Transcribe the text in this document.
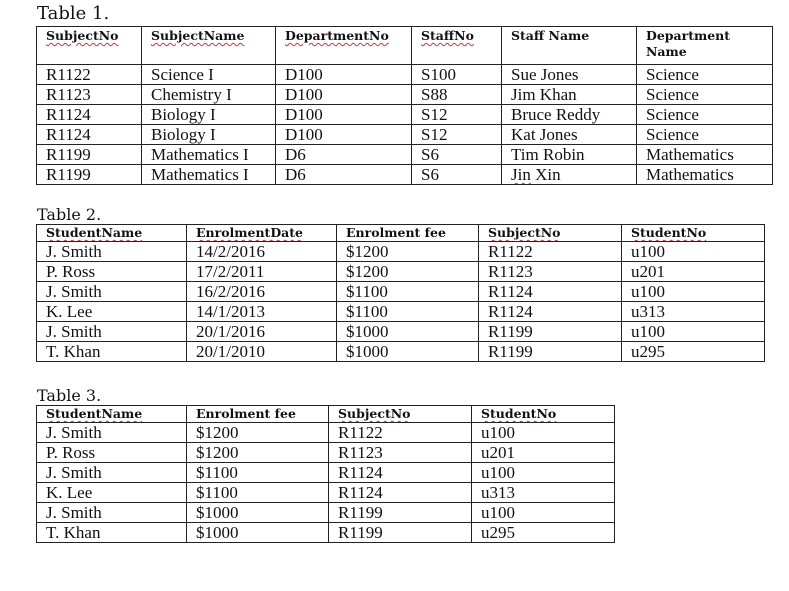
Table 1.
SubjectNo	SubjectName	DepartmentNo	StaffNo	Staff Name	Department Name
R1122	Science I	D100	S100	Sue Jones	Science
R1123	Chemistry I	D100	S88	Jim Khan	Science
R1124	Biology I	D100	S12	Bruce Reddy	Science
R1124	Biology I	D100	S12	Kat Jones	Science
R1199	Mathematics I	D6	S6	Tim Robin	Mathematics
R1199	Mathematics I	D6	S6	Jin Xin	Mathematics
Table 2.
StudentName	EnrolmentDate	Enrolment fee	SubjectNo	StudentNo
J. Smith	14/2/2016	$1200	R1122	u100
P. Ross	17/2/2011	$1200	R1123	u201
J. Smith	16/2/2016	$1100	R1124	u100
K. Lee	14/1/2013	$1100	R1124	u313
J. Smith	20/1/2016	$1000	R1199	u100
T. Khan	20/1/2010	$1000	R1199	u295
Table 3.
StudentName	Enrolment fee	SubjectNo	StudentNo
J. Smith	$1200	R1122	u100
P. Ross	$1200	R1123	u201
J. Smith	$1100	R1124	u100
K. Lee	$1100	R1124	u313
J. Smith	$1000	R1199	u100
T. Khan	$1000	R1199	u295
